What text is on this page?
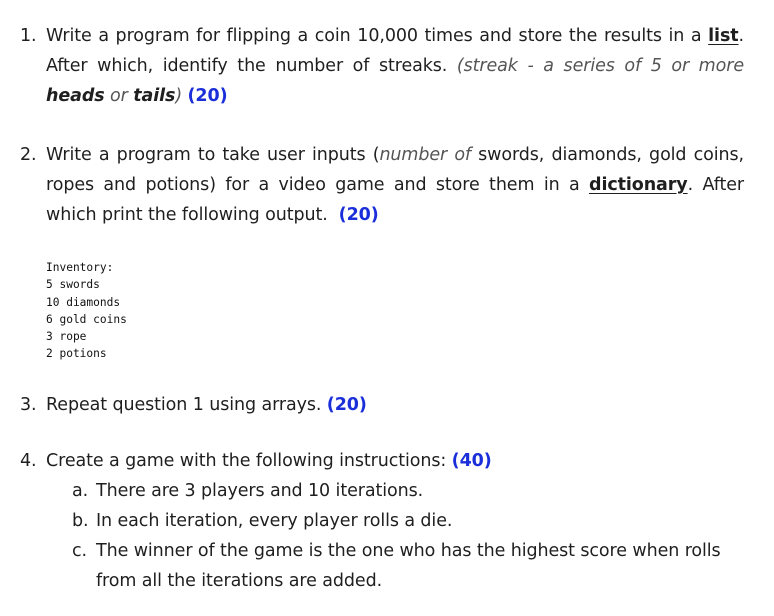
1. Write a program for flipping a coin 10,000 times and store the results in a list. After which, identify the number of streaks. (streak - a series of 5 or more heads or tails) (20)
2. Write a program to take user inputs (number of swords, diamonds, gold coins, ropes and potions) for a video game and store them in a dictionary. After which print the following output. (20)
Inventory:
5 swords
10 diamonds
6 gold coins
3 rope
2 potions
3. Repeat question 1 using arrays. (20)
4. Create a game with the following instructions: (40)
a. There are 3 players and 10 iterations.
b. In each iteration, every player rolls a die.
c. The winner of the game is the one who has the highest score when rolls from all the iterations are added.
